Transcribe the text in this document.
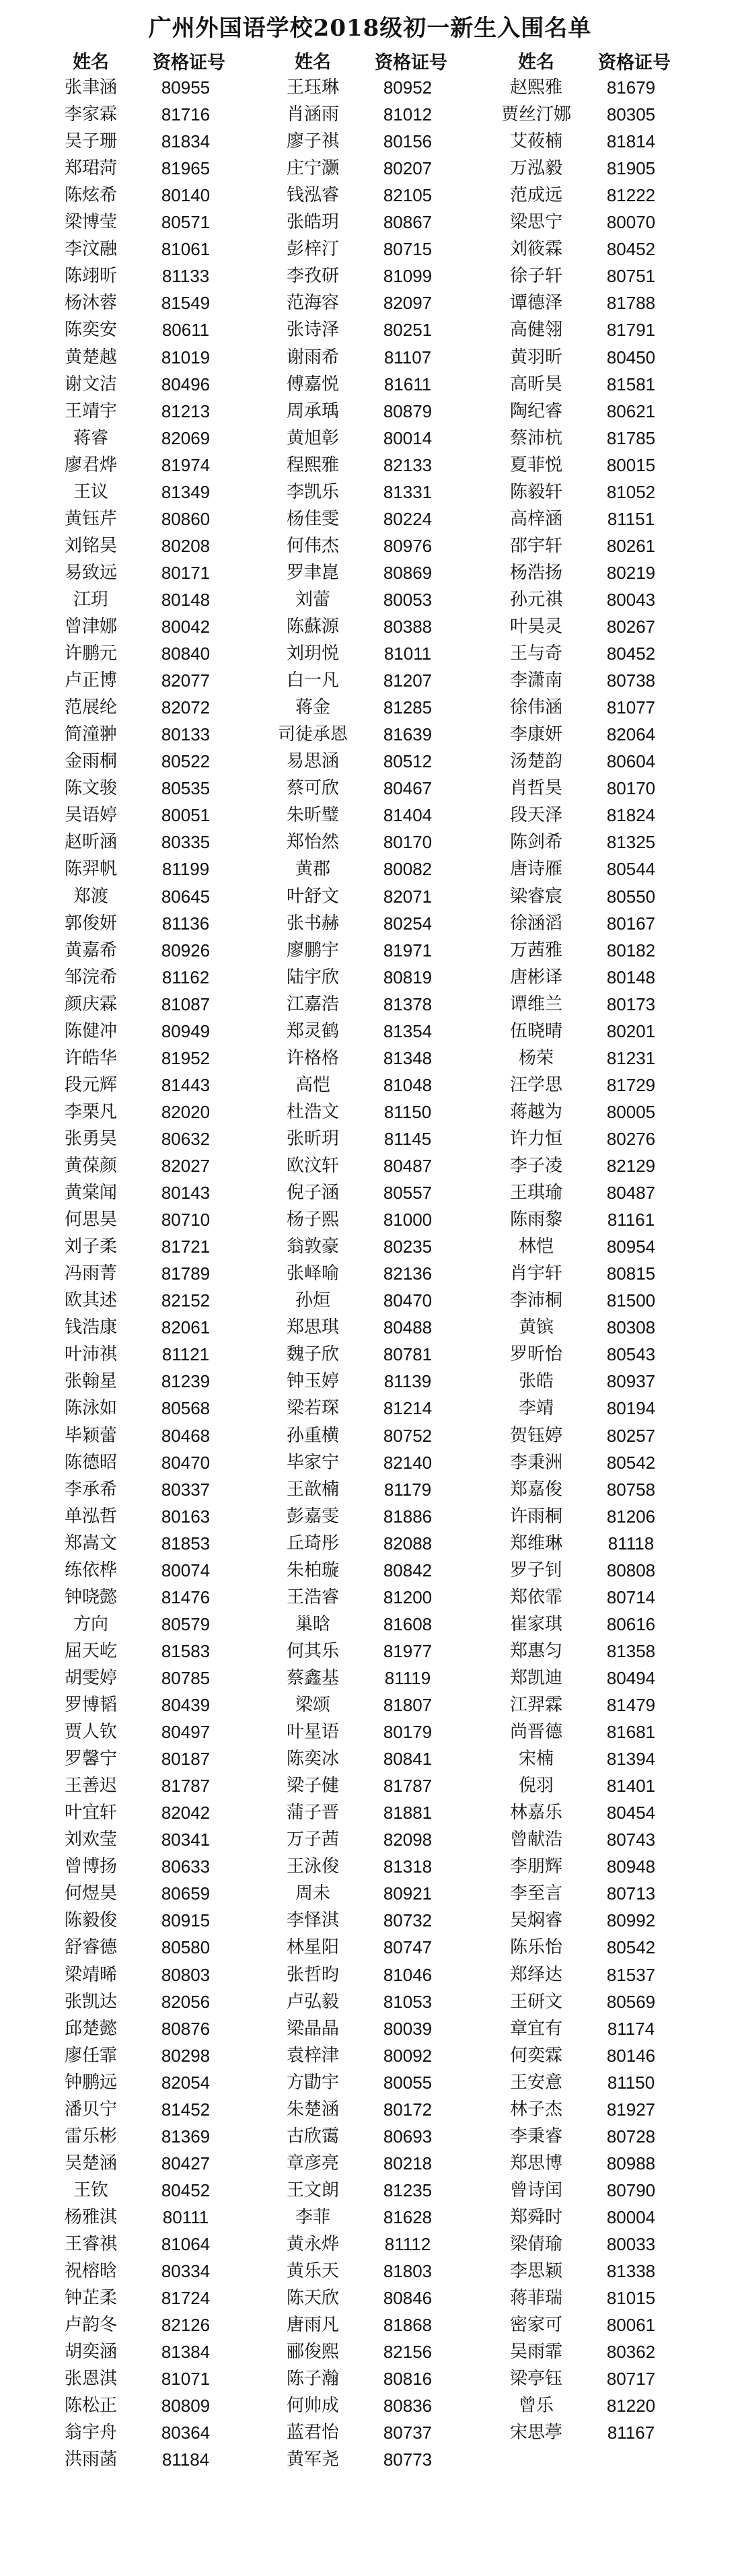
广州外国语学校2018级初一新生入围名单
姓名	资格证号
张聿涵	80955
李家霖	81716
吴子珊	81834
郑珺菏	81965
陈炫希	80140
梁博莹	80571
李汶融	81061
陈翊昕	81133
杨沐蓉	81549
陈奕安	80611
黄楚越	81019
谢文洁	80496
王靖宇	81213
蒋睿	82069
廖君烨	81974
王议	81349
黄钰芹	80860
刘铭昊	80208
易致远	80171
江玥	80148
曾津娜	80042
许鹏元	80840
卢正博	82077
范展纶	82072
简潼翀	80133
金雨桐	80522
陈文骏	80535
吴语婷	80051
赵昕涵	80335
陈羿帆	81199
郑渡	80645
郭俊妍	81136
黄嘉希	80926
邹浣希	81162
颜庆霖	81087
陈健冲	80949
许皓华	81952
段元辉	81443
李栗凡	82020
张勇昊	80632
黄葆颜	82027
黄棠闻	80143
何思昊	80710
刘子柔	81721
冯雨菁	81789
欧其述	82152
钱浩康	82061
叶沛祺	81121
张翰星	81239
陈泳如	80568
毕颖蕾	80468
陈德昭	80470
李承希	80337
单泓哲	80163
郑嵩文	81853
练依桦	80074
钟晓懿	81476
方向	80579
屈天屹	81583
胡雯婷	80785
罗博韬	80439
贾人钦	80497
罗馨宁	80187
王善迟	81787
叶宜轩	82042
刘欢莹	80341
曾博扬	80633
何煜昊	80659
陈毅俊	80915
舒睿德	80580
梁靖晞	80803
张凯达	82056
邱楚懿	80876
廖任霏	80298
钟鹏远	82054
潘贝宁	81452
雷乐彬	81369
吴楚涵	80427
王钦	80452
杨雅淇	80111
王睿祺	81064
祝榕晗	80334
钟芷柔	81724
卢韵冬	82126
胡奕涵	81384
张恩淇	81071
陈松正	80809
翁宇舟	80364
洪雨菡	81184
姓名	资格证号
王珏琳	80952
肖涵雨	81012
廖子祺	80156
庄宁灏	80207
钱泓睿	82105
张皓玥	80867
彭梓汀	80715
李孜研	81099
范海容	82097
张诗泽	80251
谢雨希	81107
傅嘉悦	81611
周承瑀	80879
黄旭彰	80014
程熙雅	82133
李凯乐	81331
杨佳雯	80224
何伟杰	80976
罗聿崑	80869
刘蕾	80053
陈蘇源	80388
刘玥悦	81011
白一凡	81207
蒋金	81285
司徒承恩	81639
易思涵	80512
蔡可欣	80467
朱昕璧	81404
郑怡然	80170
黄郡	80082
叶舒文	82071
张书赫	80254
廖鹏宇	81971
陆宇欣	80819
江嘉浩	81378
郑灵鹤	81354
许格格	81348
高恺	81048
杜浩文	81150
张昕玥	81145
欧汶轩	80487
倪子涵	80557
杨子熙	81000
翁敦豪	80235
张峄喻	82136
孙烜	80470
郑思琪	80488
魏子欣	80781
钟玉婷	81139
梁若琛	81214
孙重横	80752
毕家宁	82140
王歆楠	81179
彭嘉雯	81886
丘琦彤	82088
朱柏璇	80842
王浩睿	81200
巢晗	81608
何其乐	81977
蔡鑫基	81119
梁颂	81807
叶星语	80179
陈奕冰	80841
梁子健	81787
蒲子晋	81881
万子茜	82098
王泳俊	81318
周未	80921
李怿淇	80732
林星阳	80747
张哲昀	81046
卢弘毅	81053
梁晶晶	80039
袁梓津	80092
方勖宇	80055
朱楚涵	80172
古欣霭	80693
章彦亮	80218
王文朗	81235
李菲	81628
黄永烨	81112
黄乐天	81803
陈天欣	80846
唐雨凡	81868
郦俊熙	82156
陈子瀚	80816
何帅成	80836
蓝君怡	80737
黄军尧	80773
姓名	资格证号
赵熙雅	81679
贾丝汀娜	80305
艾莜楠	81814
万泓毅	81905
范成远	81222
梁思宁	80070
刘筱霖	80452
徐子轩	80751
谭德泽	81788
高健翎	81791
黄羽昕	80450
高昕昊	81581
陶纪睿	80621
蔡沛杭	81785
夏菲悦	80015
陈毅轩	81052
高梓涵	81151
邵宇轩	80261
杨浩扬	80219
孙元祺	80043
叶昊灵	80267
王与奇	80452
李潇南	80738
徐伟涵	81077
李康妍	82064
汤楚韵	80604
肖哲昊	80170
段天泽	81824
陈剑希	81325
唐诗雁	80544
梁睿宸	80550
徐涵滔	80167
万茜雅	80182
唐彬译	80148
谭维兰	80173
伍晓晴	80201
杨荣	81231
汪学思	81729
蒋越为	80005
许力恒	80276
李子凌	82129
王琪瑜	80487
陈雨黎	81161
林恺	80954
肖宇轩	80815
李沛桐	81500
黄镔	80308
罗昕怡	80543
张皓	80937
李靖	80194
贺钰婷	80257
李秉洲	80542
郑嘉俊	80758
许雨桐	81206
郑维琳	81118
罗子钊	80808
郑依霏	80714
崔家琪	80616
郑惠匀	81358
郑凯迪	80494
江羿霖	81479
尚晋德	81681
宋楠	81394
倪羽	81401
林嘉乐	80454
曾献浩	80743
李朋辉	80948
李至言	80713
吴焖睿	80992
陈乐怡	80542
郑绎达	81537
王研文	80569
章宜有	81174
何奕霖	80146
王安意	81150
林子杰	81927
李秉睿	80728
郑思博	80988
曾诗闰	80790
郑舜时	80004
梁倩瑜	80033
李思颖	81338
蒋菲瑞	81015
密家可	80061
吴雨霏	80362
梁亭钰	80717
曾乐	81220
宋思葶	81167
